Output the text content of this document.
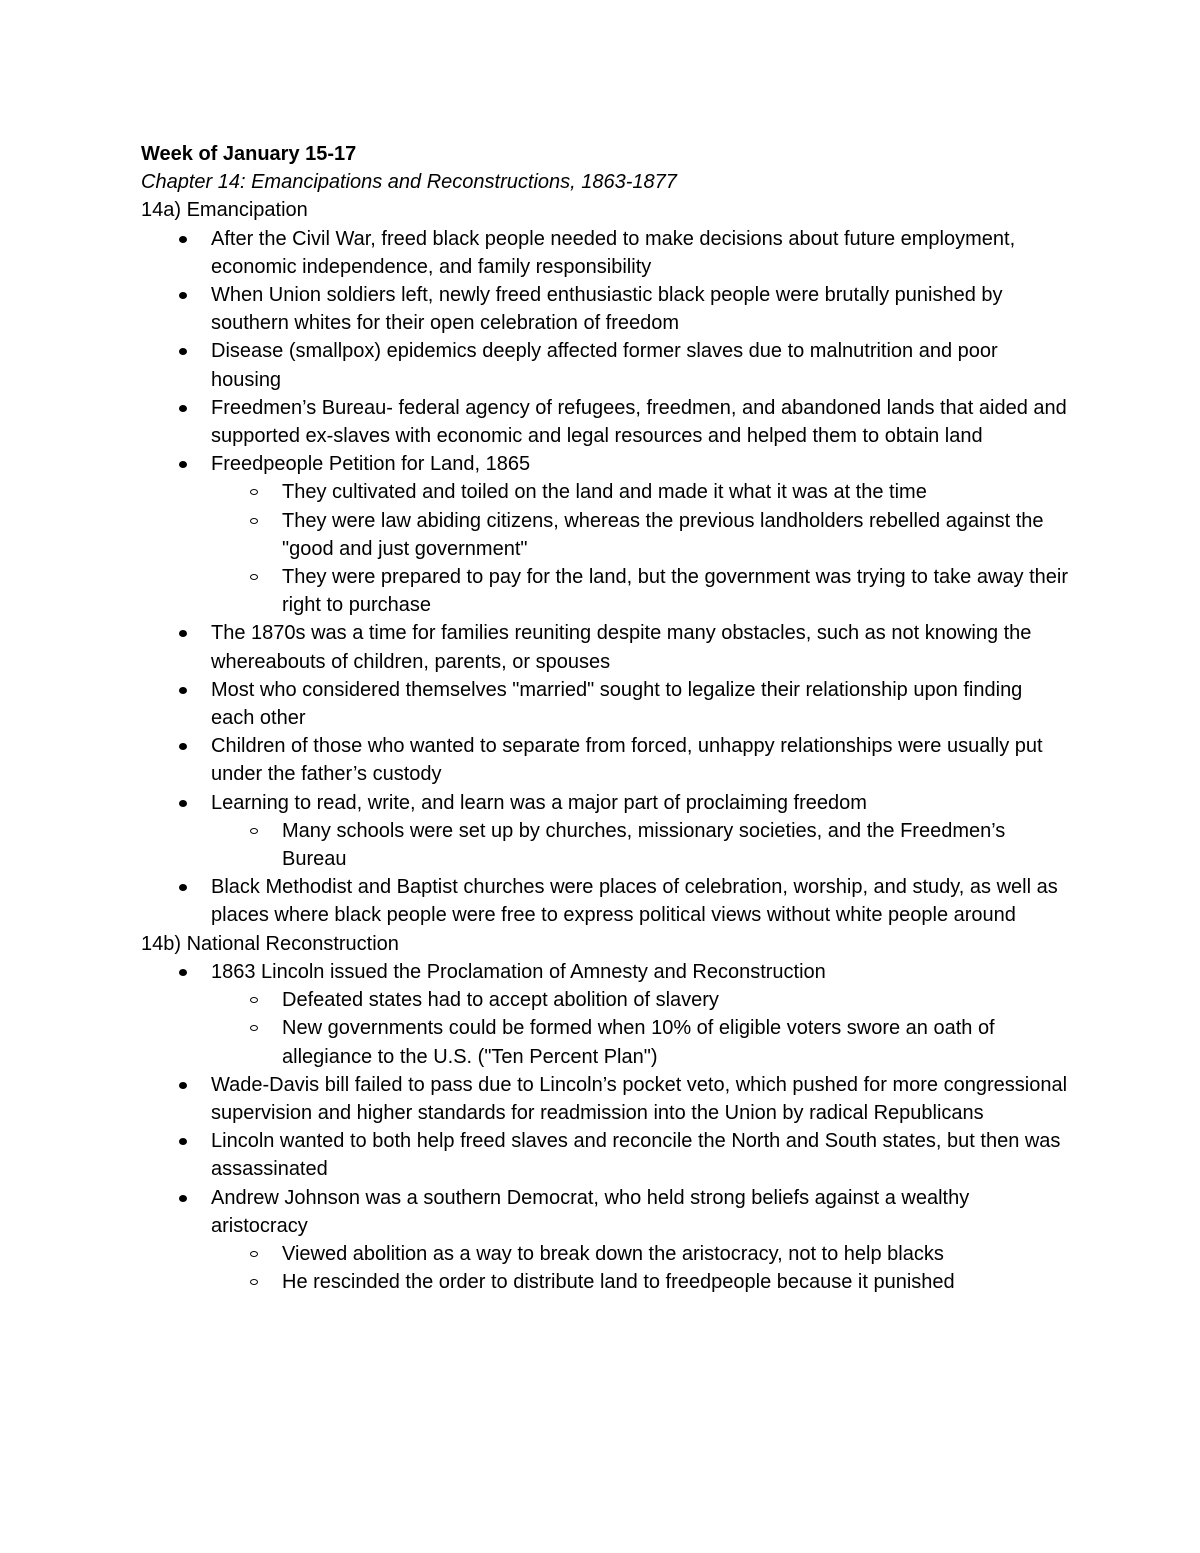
Week of January 15-17

Chapter 14: Emancipations and Reconstructions, 1863-1877

14a) Emancipation

After the Civil War, freed black people needed to make decisions about future employment, economic independence, and family responsibility
When Union soldiers left, newly freed enthusiastic black people were brutally punished by southern whites for their open celebration of freedom
Disease (smallpox) epidemics deeply affected former slaves due to malnutrition and poor housing
Freedmen’s Bureau- federal agency of refugees, freedmen, and abandoned lands that aided and supported ex-slaves with economic and legal resources and helped them to obtain land
Freedpeople Petition for Land, 1865
They cultivated and toiled on the land and made it what it was at the time
They were law abiding citizens, whereas the previous landholders rebelled against the "good and just government"
They were prepared to pay for the land, but the government was trying to take away their right to purchase
The 1870s was a time for families reuniting despite many obstacles, such as not knowing the whereabouts of children, parents, or spouses
Most who considered themselves "married" sought to legalize their relationship upon finding each other
Children of those who wanted to separate from forced, unhappy relationships were usually put under the father’s custody
Learning to read, write, and learn was a major part of proclaiming freedom
Many schools were set up by churches, missionary societies, and the Freedmen’s Bureau
Black Methodist and Baptist churches were places of celebration, worship, and study, as well as places where black people were free to express political views without white people around

14b) National Reconstruction

1863 Lincoln issued the Proclamation of Amnesty and Reconstruction
Defeated states had to accept abolition of slavery
New governments could be formed when 10% of eligible voters swore an oath of allegiance to the U.S. ("Ten Percent Plan")
Wade-Davis bill failed to pass due to Lincoln’s pocket veto, which pushed for more congressional supervision and higher standards for readmission into the Union by radical Republicans
Lincoln wanted to both help freed slaves and reconcile the North and South states, but then was assassinated
Andrew Johnson was a southern Democrat, who held strong beliefs against a wealthy aristocracy
Viewed abolition as a way to break down the aristocracy, not to help blacks
He rescinded the order to distribute land to freedpeople because it punished
